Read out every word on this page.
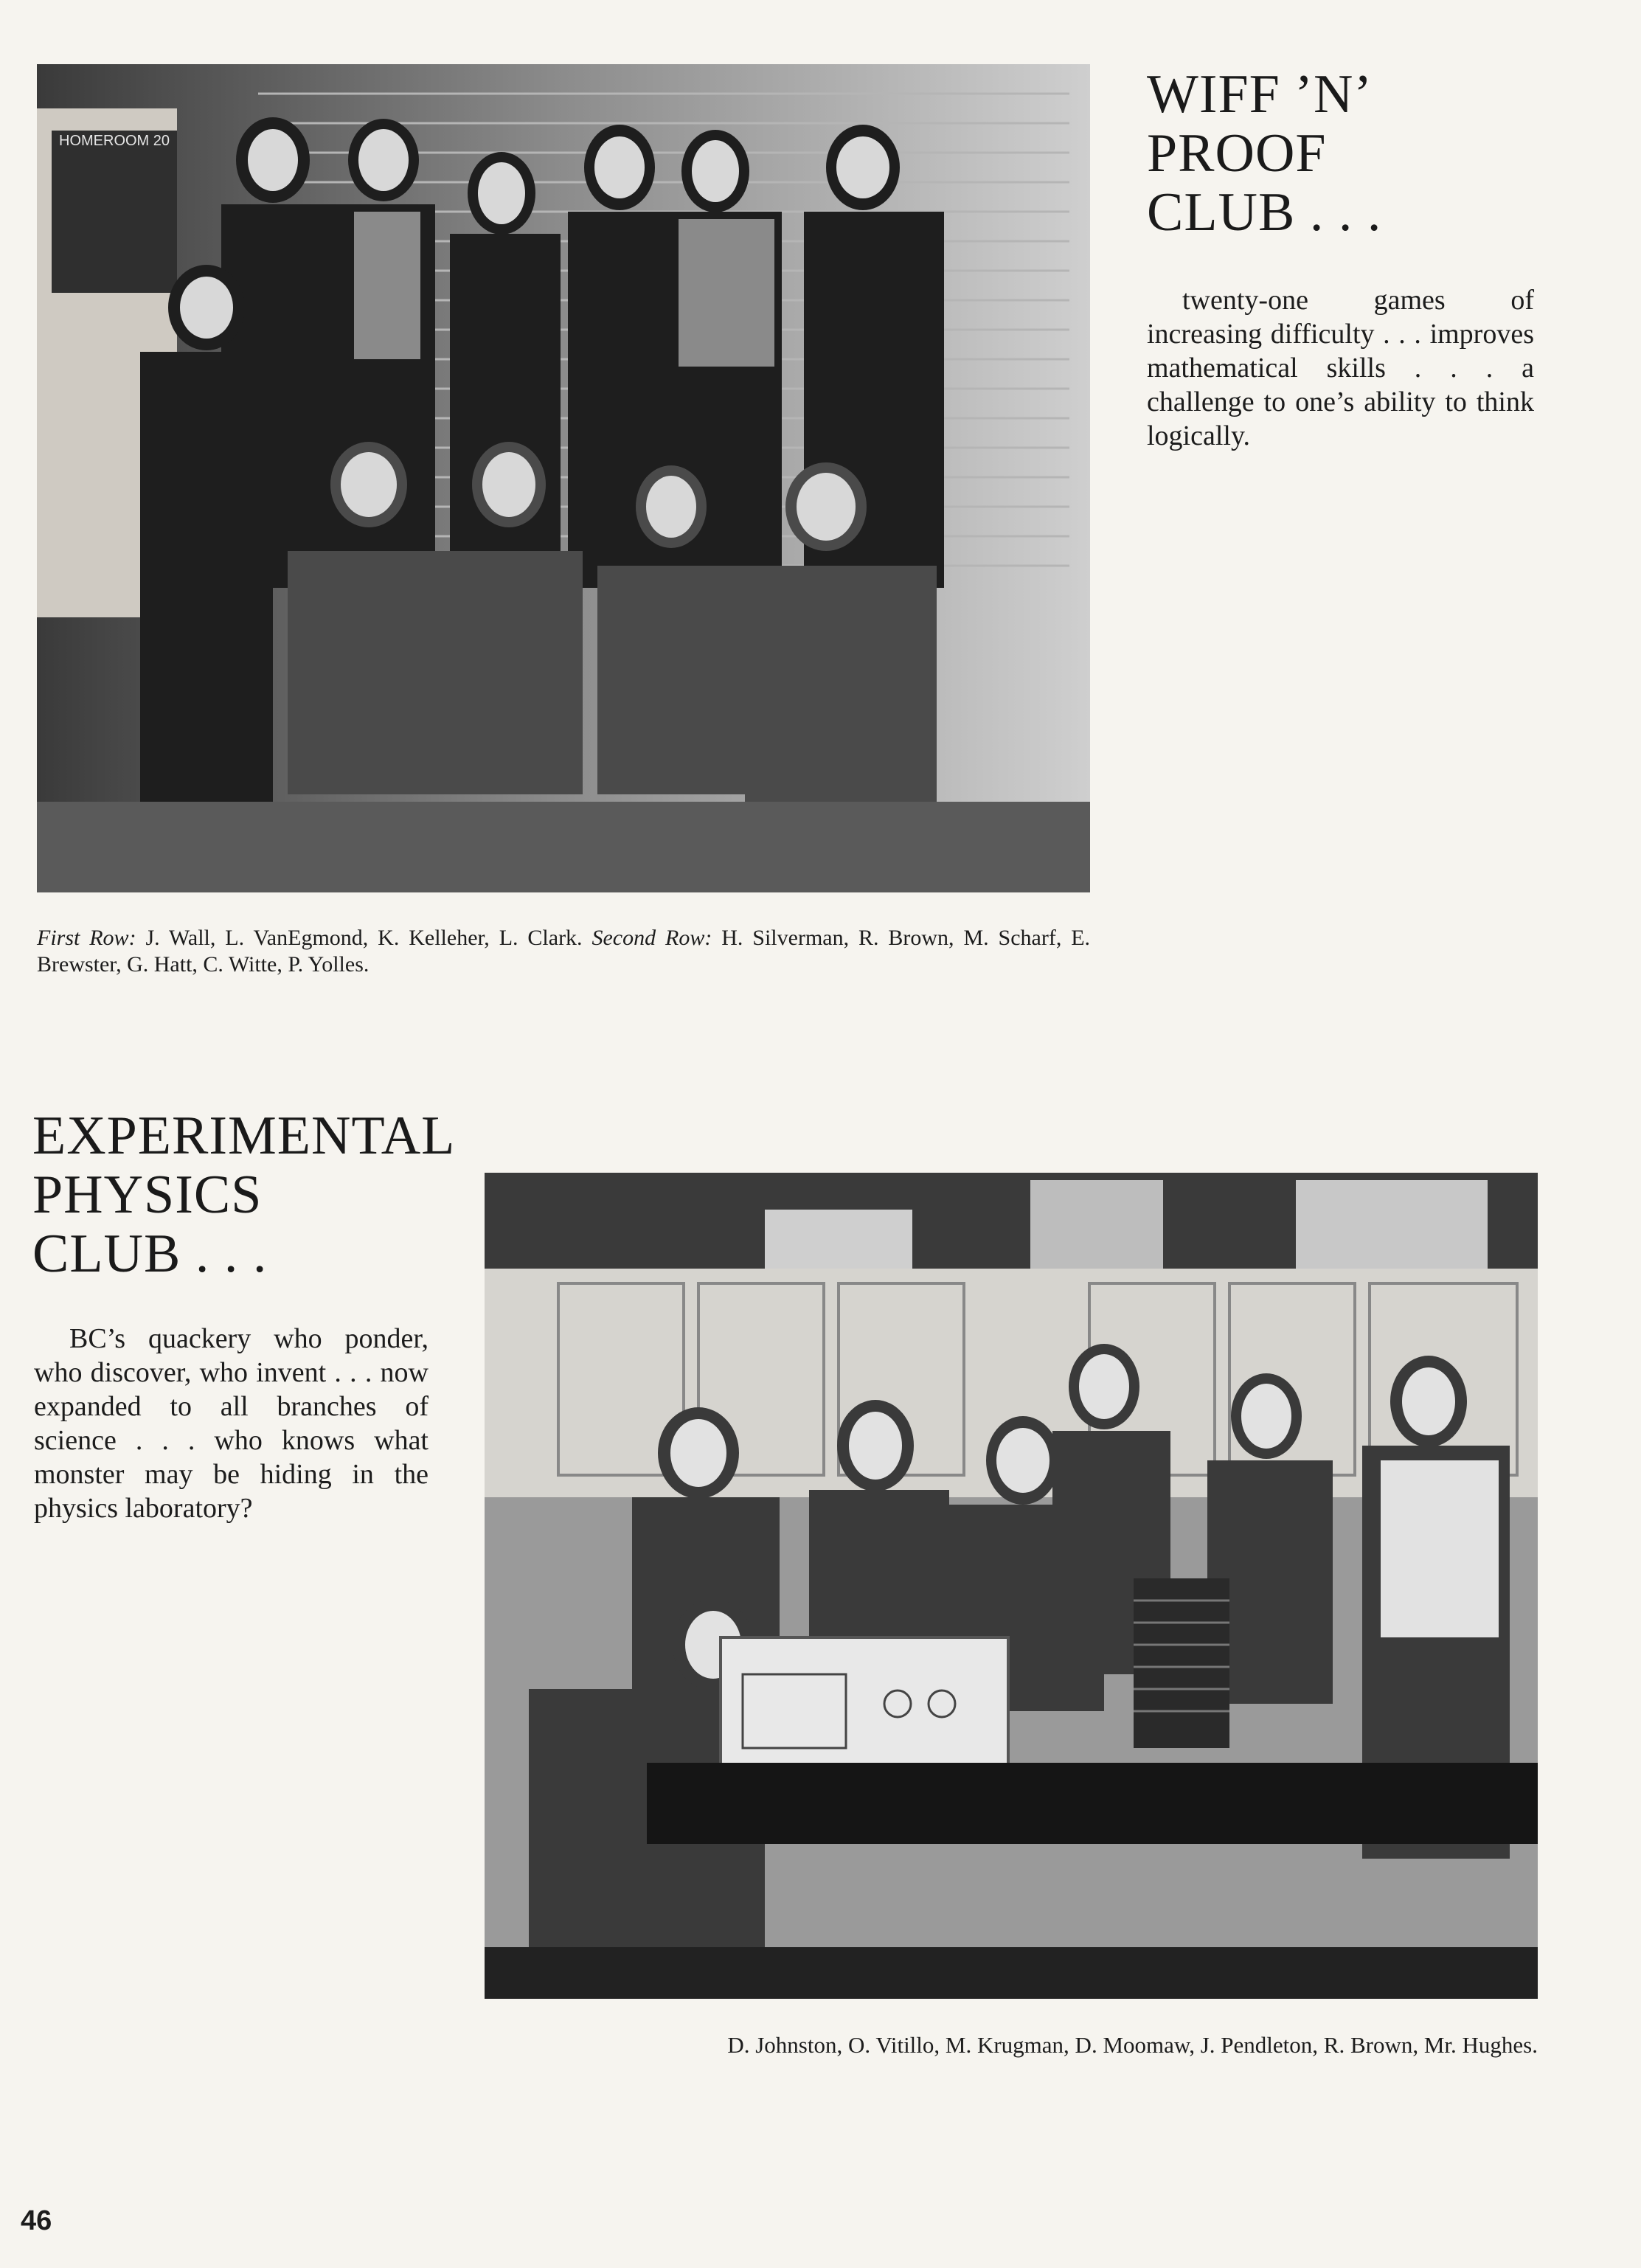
HOMEROOM 20
WIFF ’N’
PROOF
CLUB . . .

twenty-one games of increasing difficulty . . . improves mathematical skills . . . a challenge to one’s ability to think logically.

First Row: J. Wall, L. VanEgmond, K. Kelleher, L. Clark. Second Row: H. Silverman, R. Brown, M. Scharf, E. Brewster, G. Hatt, C. Witte, P. Yolles.

EXPERIMENTAL
PHYSICS
CLUB . . .

BC’s quackery who ponder, who discover, who invent . . . now expanded to all branches of science . . . who knows what monster may be hiding in the physics laboratory?

D. Johnston, O. Vitillo, M. Krugman, D. Moomaw, J. Pendleton, R. Brown, Mr. Hughes.

46
